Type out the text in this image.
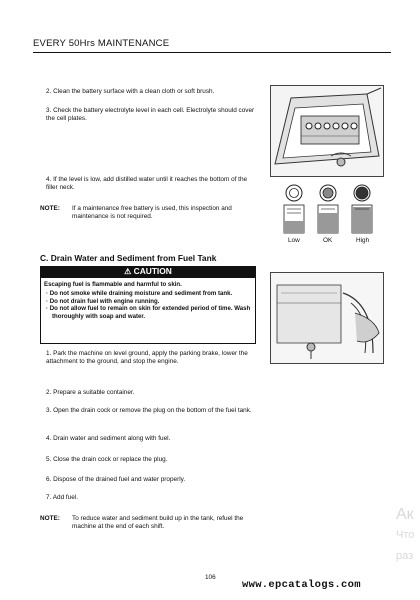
EVERY 50Hrs MAINTENANCE
2. Clean the battery surface with a clean cloth or soft brush.
3. Check the battery electrolyte level in each cell. Electrolyte should cover the cell plates.
4. If the level is low, add distilled water until it reaches the bottom of the filler neck.
NOTE: If a maintenance free battery is used, this inspection and maintenance is not required.
Low	OK	High
C. Drain Water and Sediment from Fuel Tank
⚠ CAUTION
Escaping fuel is flammable and harmful to skin.
· Do not smoke while draining moisture and sediment from tank.
· Do not drain fuel with engine running.
· Do not allow fuel to remain on skin for extended period of time. Wash thoroughly with soap and water.
1. Park the machine on level ground, apply the parking brake, lower the attachment to the ground, and stop the engine.
2. Prepare a suitable container.
3. Open the drain cock or remove the plug on the bottom of the fuel tank.
4. Drain water and sediment along with fuel.
5. Close the drain cock or replace the plug.
6. Dispose of the drained fuel and water properly.
7. Add fuel.
NOTE: To reduce water and sediment build up in the tank, refuel the machine at the end of each shift.
Ак
Что
раз
106
www.epcatalogs.com
